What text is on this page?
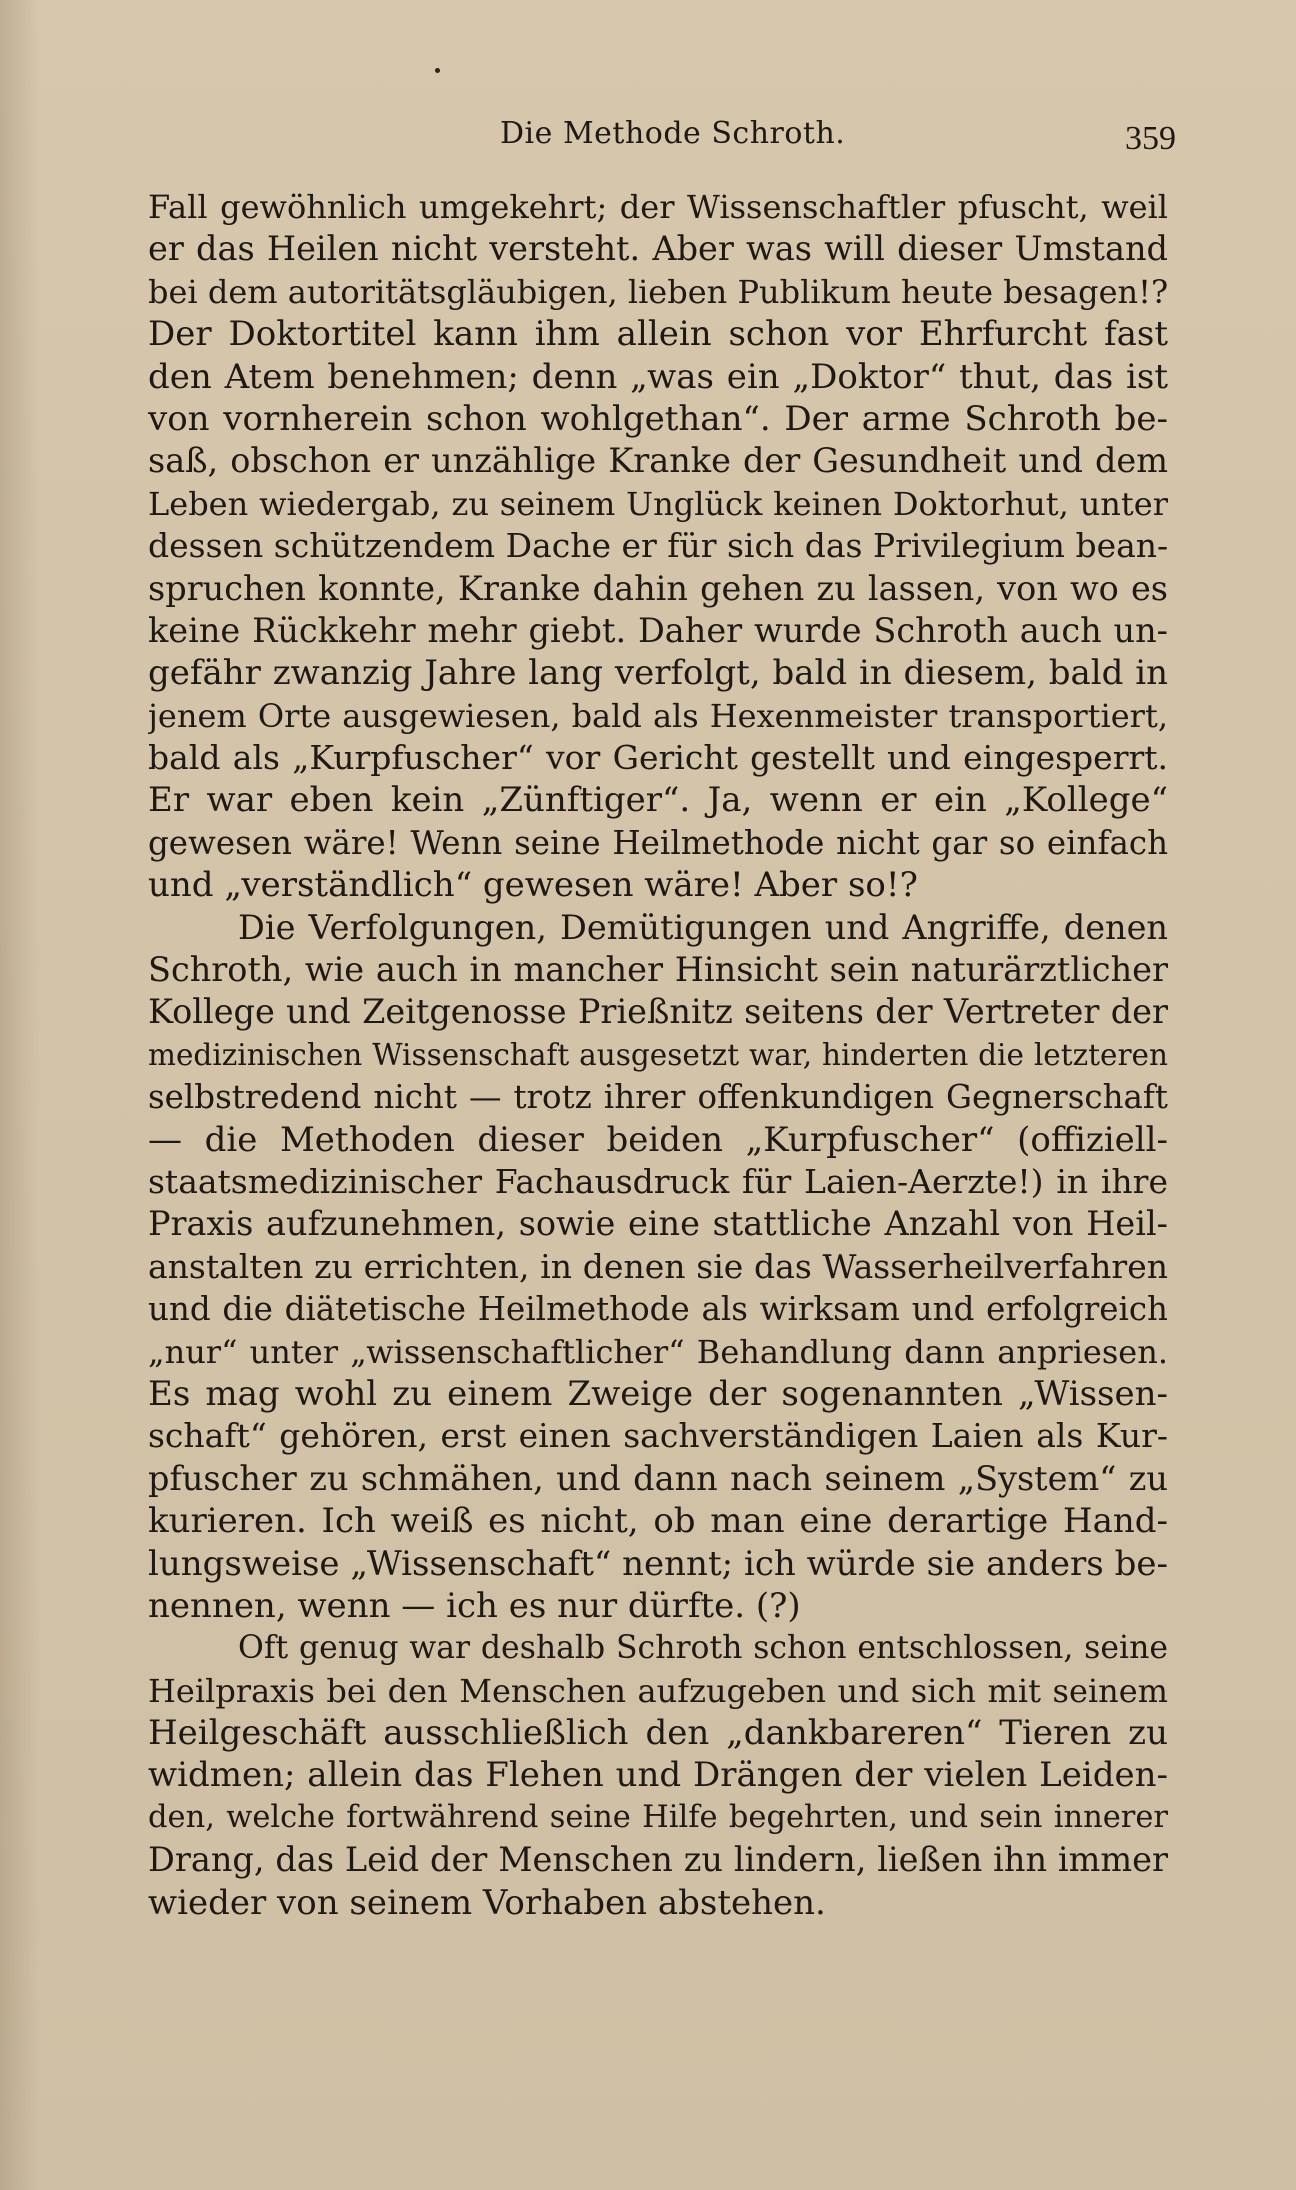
Die Methode Schroth.	359
Fall gewöhnlich umgekehrt; der Wissenschaftler pfuscht, weil
er das Heilen nicht versteht. Aber was will dieser Umstand
bei dem autoritätsgläubigen, lieben Publikum heute besagen!?
Der Doktortitel kann ihm allein schon vor Ehrfurcht fast
den Atem benehmen; denn „was ein „Doktor“ thut, das ist
von vornherein schon wohlgethan“. Der arme Schroth be-
saß, obschon er unzählige Kranke der Gesundheit und dem
Leben wiedergab, zu seinem Unglück keinen Doktorhut, unter
dessen schützendem Dache er für sich das Privilegium bean-
spruchen konnte, Kranke dahin gehen zu lassen, von wo es
keine Rückkehr mehr giebt. Daher wurde Schroth auch un-
gefähr zwanzig Jahre lang verfolgt, bald in diesem, bald in
jenem Orte ausgewiesen, bald als Hexenmeister transportiert,
bald als „Kurpfuscher“ vor Gericht gestellt und eingesperrt.
Er war eben kein „Zünftiger“. Ja, wenn er ein „Kollege“
gewesen wäre! Wenn seine Heilmethode nicht gar so einfach
und „verständlich“ gewesen wäre! Aber so!?
Die Verfolgungen, Demütigungen und Angriffe, denen
Schroth, wie auch in mancher Hinsicht sein naturärztlicher
Kollege und Zeitgenosse Prießnitz seitens der Vertreter der
medizinischen Wissenschaft ausgesetzt war, hinderten die letzteren
selbstredend nicht — trotz ihrer offenkundigen Gegnerschaft
— die Methoden dieser beiden „Kurpfuscher“ (offiziell-
staatsmedizinischer Fachausdruck für Laien-Aerzte!) in ihre
Praxis aufzunehmen, sowie eine stattliche Anzahl von Heil-
anstalten zu errichten, in denen sie das Wasserheilverfahren
und die diätetische Heilmethode als wirksam und erfolgreich
„nur“ unter „wissenschaftlicher“ Behandlung dann anpriesen.
Es mag wohl zu einem Zweige der sogenannten „Wissen-
schaft“ gehören, erst einen sachverständigen Laien als Kur-
pfuscher zu schmähen, und dann nach seinem „System“ zu
kurieren. Ich weiß es nicht, ob man eine derartige Hand-
lungsweise „Wissenschaft“ nennt; ich würde sie anders be-
nennen, wenn — ich es nur dürfte. (?)
Oft genug war deshalb Schroth schon entschlossen, seine
Heilpraxis bei den Menschen aufzugeben und sich mit seinem
Heilgeschäft ausschließlich den „dankbareren“ Tieren zu
widmen; allein das Flehen und Drängen der vielen Leiden-
den, welche fortwährend seine Hilfe begehrten, und sein innerer
Drang, das Leid der Menschen zu lindern, ließen ihn immer
wieder von seinem Vorhaben abstehen.
